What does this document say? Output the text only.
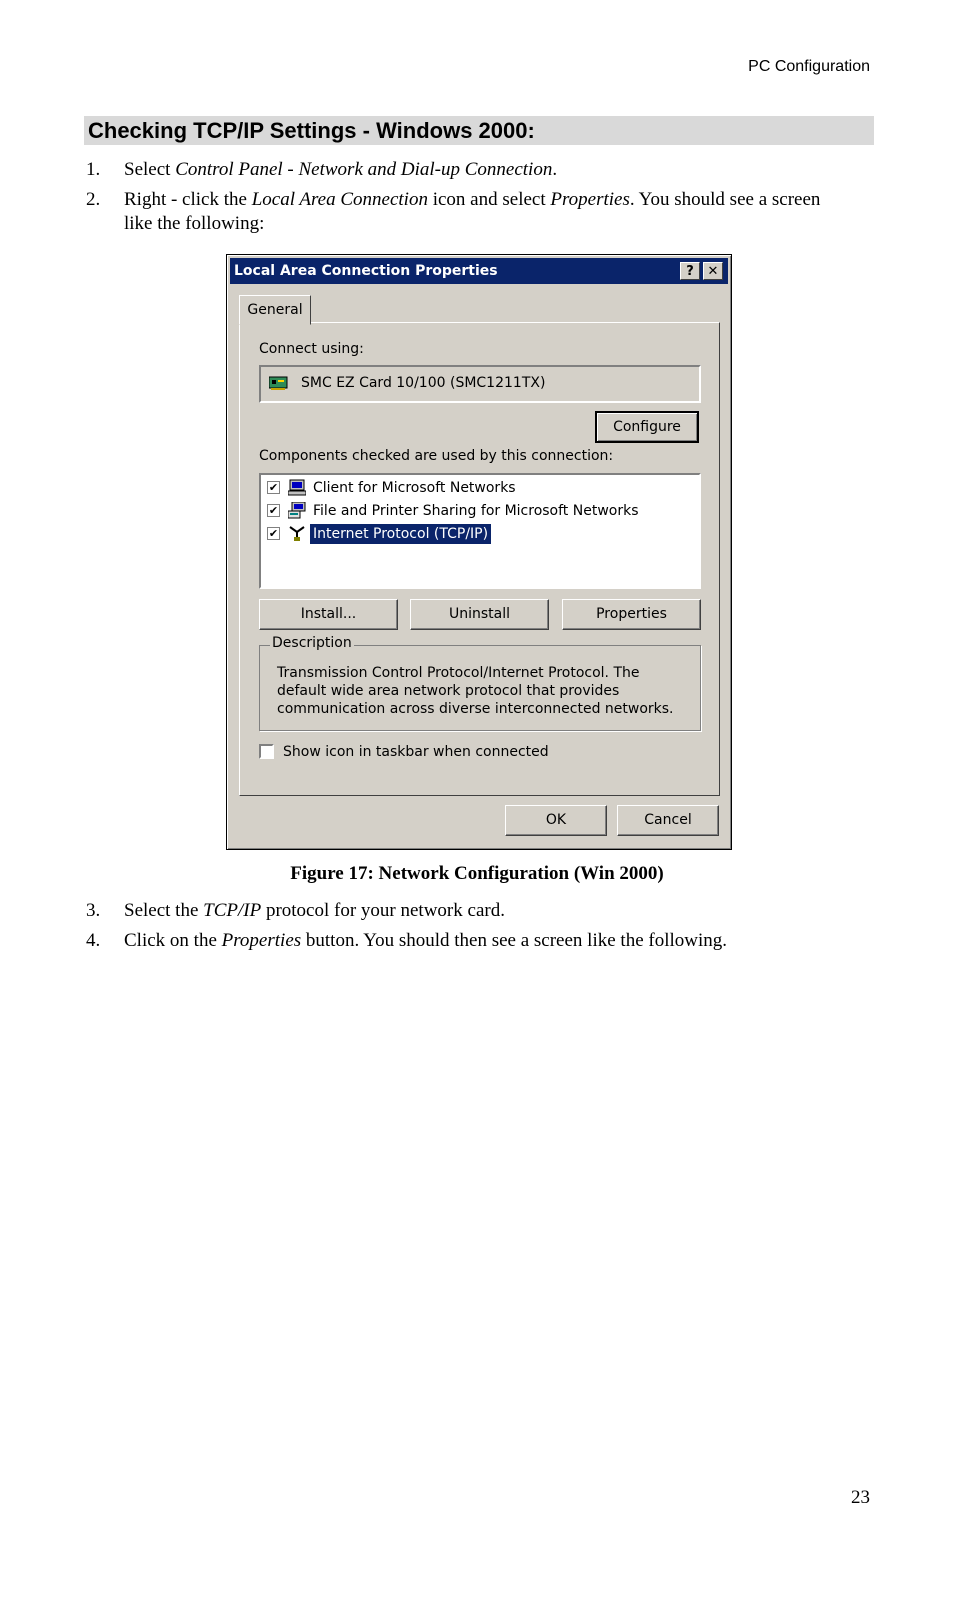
PC Configuration
Checking TCP/IP Settings - Windows 2000:
1. Select Control Panel - Network and Dial-up Connection.
2. Right - click the Local Area Connection icon and select Properties. You should see a screen like the following:
Local Area Connection Properties	?	✕
General
Connect using:
SMC EZ Card 10/100 (SMC1211TX)
Configure
Components checked are used by this connection:
✔ Client for Microsoft Networks
✔ File and Printer Sharing for Microsoft Networks
✔ Internet Protocol (TCP/IP)
Install...	Uninstall	Properties
Description
Transmission Control Protocol/Internet Protocol. The default wide area network protocol that provides communication across diverse interconnected networks.
Show icon in taskbar when connected
OK	Cancel
Figure 17: Network Configuration (Win 2000)
3. Select the TCP/IP protocol for your network card.
4. Click on the Properties button. You should then see a screen like the following.
23
